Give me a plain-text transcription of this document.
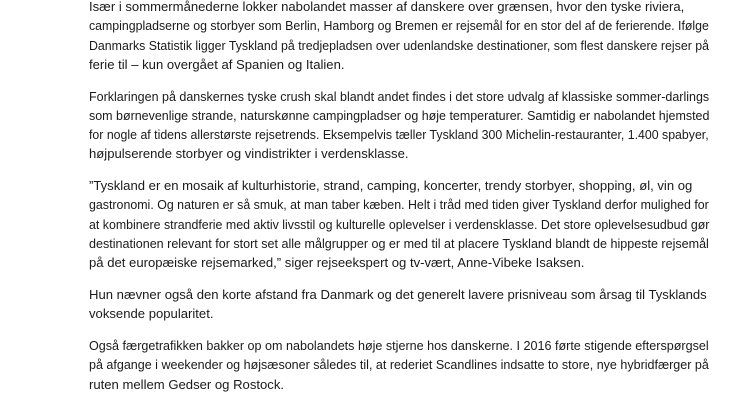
Især i sommermånederne lokker nabolandet masser af danskere over grænsen, hvor den tyske riviera,
campingpladserne og storbyer som Berlin, Hamborg og Bremen er rejsemål for en stor del af de ferierende. Ifølge
Danmarks Statistik ligger Tyskland på tredjepladsen over udenlandske destinationer, som flest danskere rejser på
ferie til – kun overgået af Spanien og Italien.
Forklaringen på danskernes tyske crush skal blandt andet findes i det store udvalg af klassiske sommer-darlings
som børnevenlige strande, naturskønne campingpladser og høje temperaturer. Samtidig er nabolandet hjemsted
for nogle af tidens allerstørste rejsetrends. Eksempelvis tæller Tyskland 300 Michelin-restauranter, 1.400 spabyer,
højpulserende storbyer og vindistrikter i verdensklasse.
”Tyskland er en mosaik af kulturhistorie, strand, camping, koncerter, trendy storbyer, shopping, øl, vin og
gastronomi. Og naturen er så smuk, at man taber kæben. Helt i tråd med tiden giver Tyskland derfor mulighed for
at kombinere strandferie med aktiv livsstil og kulturelle oplevelser i verdensklasse. Det store oplevelsesudbud gør
destinationen relevant for stort set alle målgrupper og er med til at placere Tyskland blandt de hippeste rejsemål
på det europæiske rejsemarked,” siger rejseekspert og tv-vært, Anne-Vibeke Isaksen.
Hun nævner også den korte afstand fra Danmark og det generelt lavere prisniveau som årsag til Tysklands
voksende popularitet.
Også færgetrafikken bakker op om nabolandets høje stjerne hos danskerne. I 2016 førte stigende efterspørgsel
på afgange i weekender og højsæsoner således til, at rederiet Scandlines indsatte to store, nye hybridfærger på
ruten mellem Gedser og Rostock.
